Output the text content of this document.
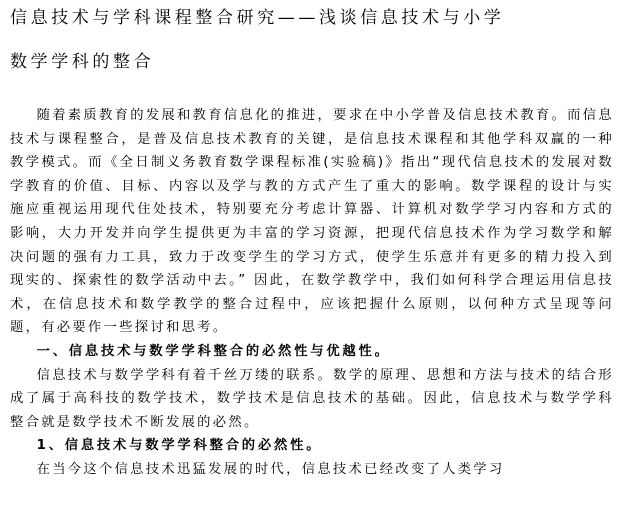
信息技术与学科课程整合研究——浅谈信息技术与小学
数学学科的整合

随着素质教育的发展和教育信息化的推进，要求在中小学普及信息技术教育。而信息技术与课程整合，是普及信息技术教育的关键，是信息技术课程和其他学科双赢的一种教学模式。而《全日制义务教育数学课程标准(实验稿)》指出“现代信息技术的发展对数学教育的价值、目标、内容以及学与教的方式产生了重大的影响。数学课程的设计与实施应重视运用现代住处技术，特别要充分考虑计算器、计算机对数学学习内容和方式的影响，大力开发并向学生提供更为丰富的学习资源，把现代信息技术作为学习数学和解决问题的强有力工具，致力于改变学生的学习方式，使学生乐意并有更多的精力投入到现实的、探索性的数学活动中去。” 因此，在数学教学中，我们如何科学合理运用信息技术，在信息技术和数学教学的整合过程中，应该把握什么原则，以何种方式呈现等问题，有必要作一些探讨和思考。

一、信息技术与数学学科整合的必然性与优越性。

信息技术与数学学科有着千丝万缕的联系。数学的原理、思想和方法与技术的结合形成了属于高科技的数学技术，数学技术是信息技术的基础。因此，信息技术与数学学科整合就是数学技术不断发展的必然。

1、信息技术与数学学科整合的必然性。

在当今这个信息技术迅猛发展的时代，信息技术已经改变了人类学习
